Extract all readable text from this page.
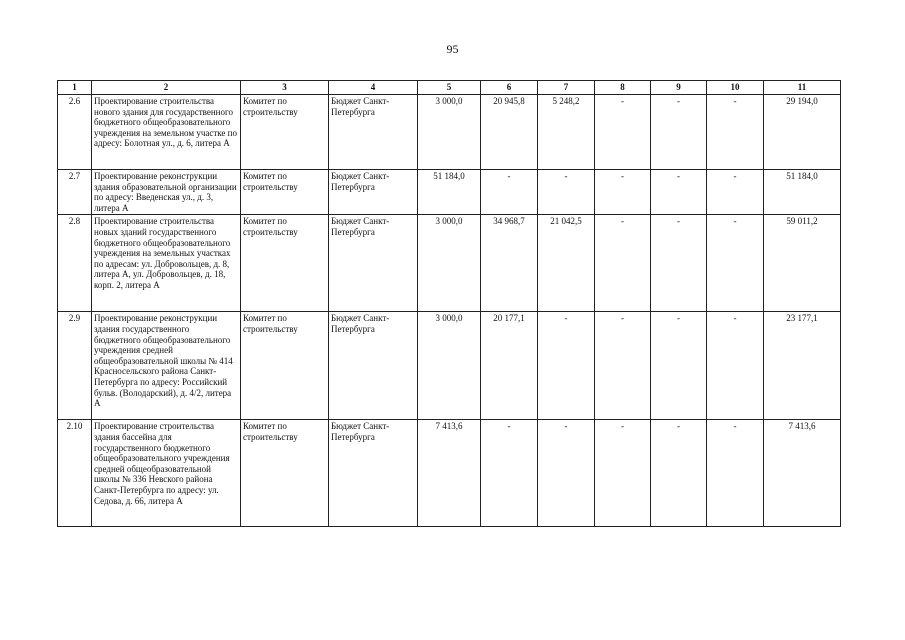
95
1	2	3	4	5	6	7	8	9	10	11
2.6	Проектирование строительства нового здания для государственного бюджетного общеобразовательного учреждения на земельном участке по адресу: Болотная ул., д. 6, литера А	Комитет по строительству	Бюджет Санкт-Петербурга	3 000,0	20 945,8	5 248,2	-	-	-	29 194,0
2.7	Проектирование реконструкции здания образовательной организации по адресу: Введенская ул., д. 3, литера А	Комитет по строительству	Бюджет Санкт-Петербурга	51 184,0	-	-	-	-	-	51 184,0
2.8	Проектирование строительства новых зданий государственного бюджетного общеобразовательного учреждения на земельных участках по адресам: ул. Добровольцев, д. 8, литера А, ул. Добровольцев, д. 18, корп. 2, литера А	Комитет по строительству	Бюджет Санкт-Петербурга	3 000,0	34 968,7	21 042,5	-	-	-	59 011,2
2.9	Проектирование реконструкции здания государственного бюджетного общеобразовательного учреждения средней общеобразовательной школы № 414 Красносельского района Санкт-Петербурга по адресу: Российский бульв. (Володарский), д. 4/2, литера А	Комитет по строительству	Бюджет Санкт-Петербурга	3 000,0	20 177,1	-	-	-	-	23 177,1
2.10	Проектирование строительства здания бассейна для государственного бюджетного общеобразовательного учреждения средней общеобразовательной школы № 336 Невского района Санкт-Петербурга по адресу: ул. Седова, д. 66, литера А	Комитет по строительству	Бюджет Санкт-Петербурга	7 413,6	-	-	-	-	-	7 413,6
